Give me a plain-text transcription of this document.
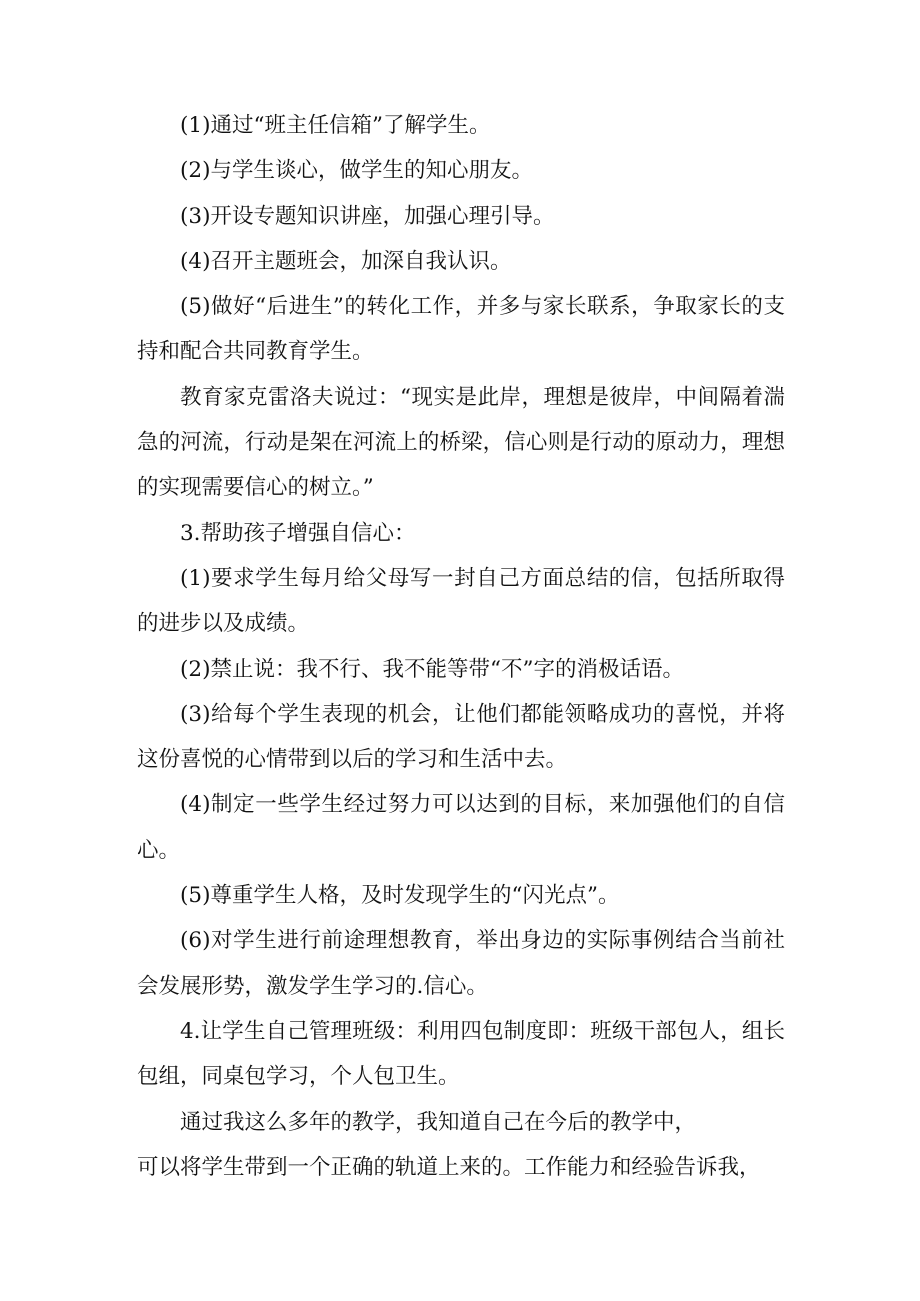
(1)通过“班主任信箱”了解学生。

(2)与学生谈心，做学生的知心朋友。

(3)开设专题知识讲座，加强心理引导。

(4)召开主题班会，加深自我认识。

(5)做好“后进生”的转化工作，并多与家长联系，争取家长的支持和配合共同教育学生。

教育家克雷洛夫说过：“现实是此岸，理想是彼岸，中间隔着湍急的河流，行动是架在河流上的桥梁，信心则是行动的原动力，理想的实现需要信心的树立。”

3.帮助孩子增强自信心：

(1)要求学生每月给父母写一封自己方面总结的信，包括所取得的进步以及成绩。

(2)禁止说：我不行、我不能等带“不”字的消极话语。

(3)给每个学生表现的机会，让他们都能领略成功的喜悦，并将这份喜悦的心情带到以后的学习和生活中去。

(4)制定一些学生经过努力可以达到的目标，来加强他们的自信心。

(5)尊重学生人格，及时发现学生的“闪光点”。

(6)对学生进行前途理想教育，举出身边的实际事例结合当前社会发展形势，激发学生学习的.信心。

4.让学生自己管理班级：利用四包制度即：班级干部包人，组长包组，同桌包学习，个人包卫生。

通过我这么多年的教学，我知道自己在今后的教学中，

可以将学生带到一个正确的轨道上来的。工作能力和经验告诉我，
